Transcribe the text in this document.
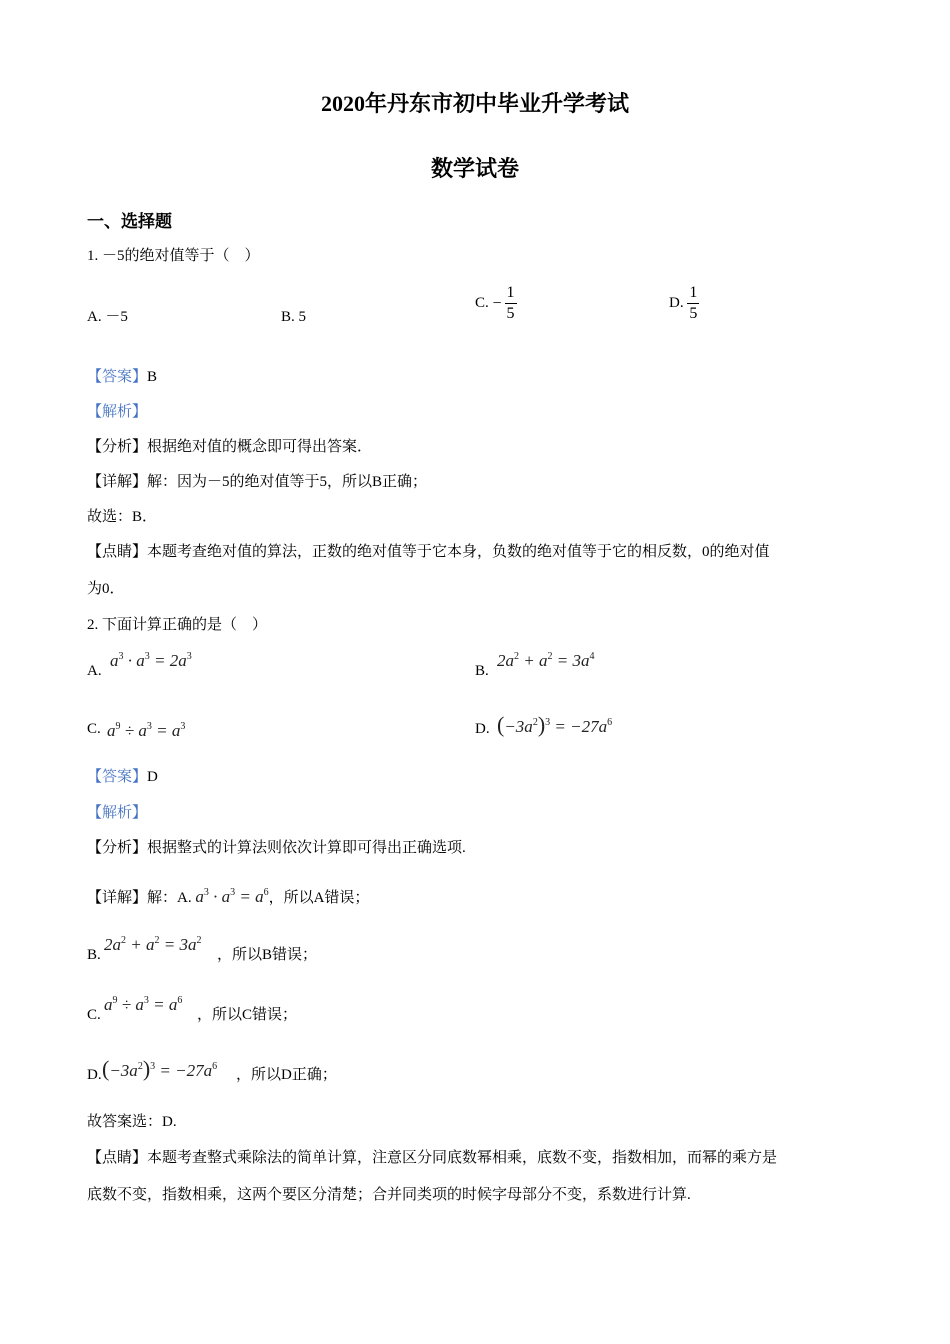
2020年丹东市初中毕业升学考试
数学试卷
一、选择题
1. －5的绝对值等于（　）
A. －5	B. 5
C. − $\frac{1}{5}$	D. $\frac{1}{5}$
【答案】B
【解析】
【分析】根据绝对值的概念即可得出答案．
【详解】解：因为－5的绝对值等于5，所以B正确；
故选：B．
【点睛】本题考查绝对值的算法，正数的绝对值等于它本身，负数的绝对值等于它的相反数，0的绝对值
为0．
2. 下面计算正确的是（　）
A.
$a^3 \cdot a^3 = 2a^3$
B.
$2a^2 + a^2 = 3a^4$
C. $a^9 \div a^3 = a^3$	D. $(-3a^2)^3 = -27a^6$
【答案】D
【解析】
【分析】根据整式的计算法则依次计算即可得出正确选项.
【详解】解：A. $a^3 \cdot a^3 = a^6$，所以A错误；
B.
$2a^2 + a^2 = 3a^2$
，所以B错误；
C.
$a^9 \div a^3 = a^6$
，所以C错误；
D. $(-3a^2)^3 = -27a^6$
，所以D正确；
故答案选：D.
【点睛】本题考查整式乘除法的简单计算，注意区分同底数幂相乘，底数不变，指数相加，而幂的乘方是
底数不变，指数相乘，这两个要区分清楚；合并同类项的时候字母部分不变，系数进行计算.
